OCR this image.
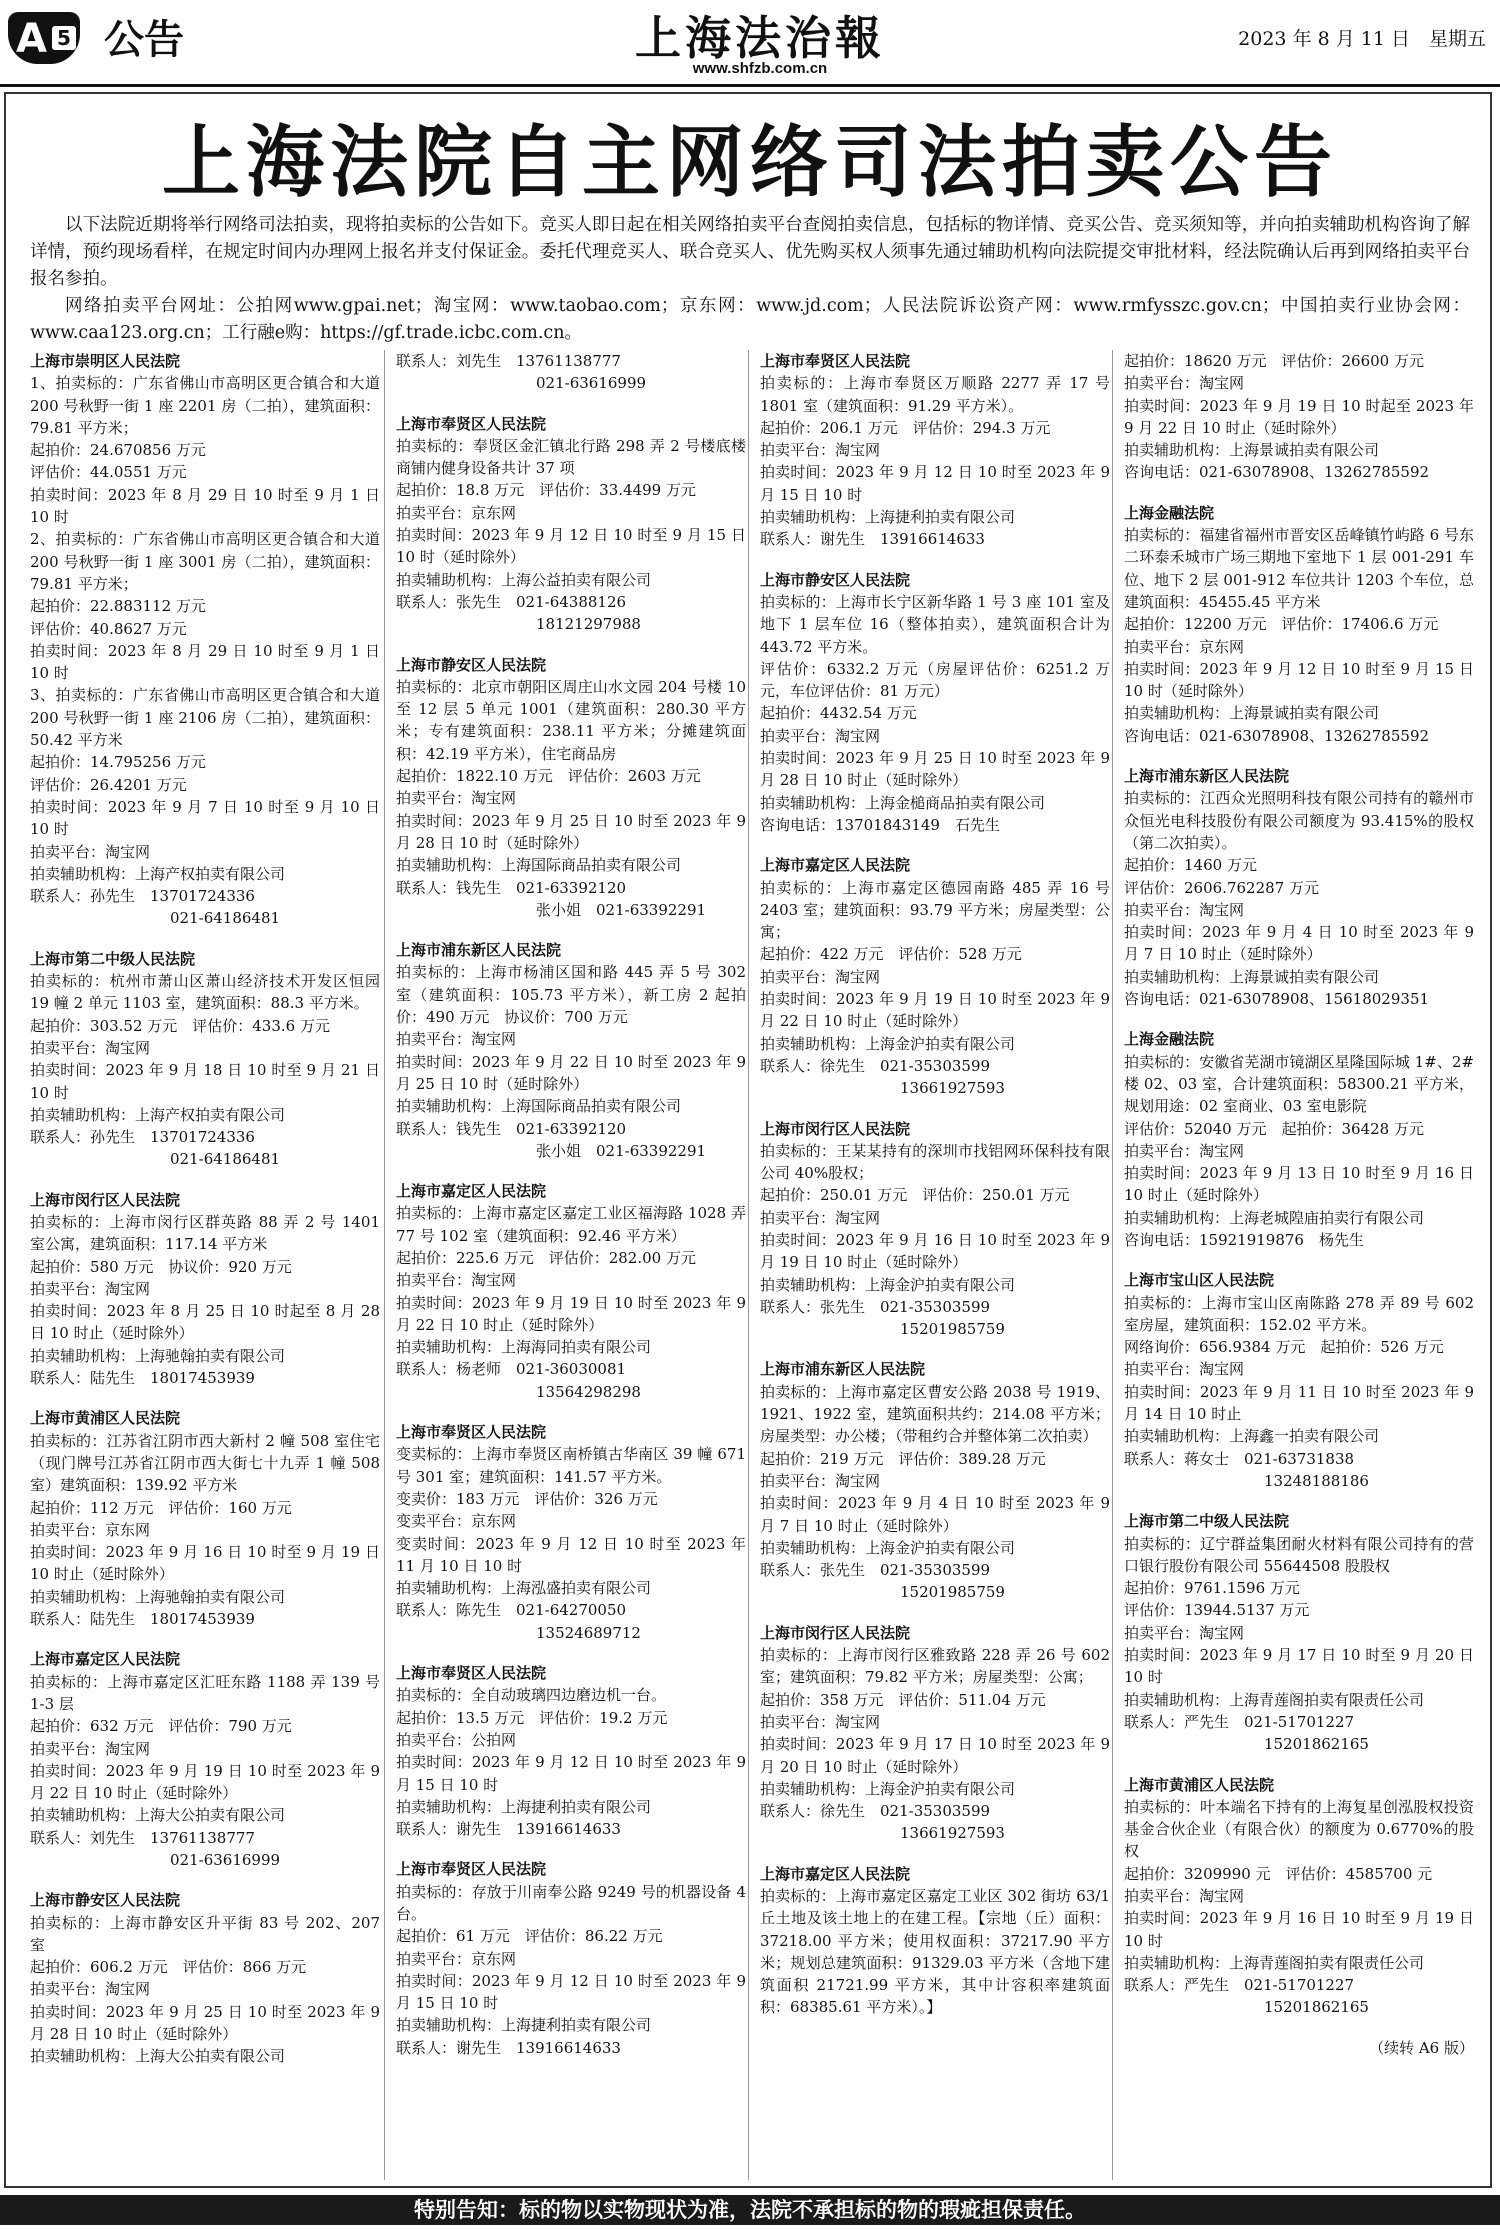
A 5 公告	上海法治報
www.shfzb.com.cn
2023 年 8 月 11 日　星期五
上海法院自主网络司法拍卖公告

以下法院近期将举行网络司法拍卖，现将拍卖标的公告如下。竞买人即日起在相关网络拍卖平台查阅拍卖信息，包括标的物详情、竞买公告、竞买须知等，并向拍卖辅助机构咨询了解详情，预约现场看样，在规定时间内办理网上报名并支付保证金。委托代理竞买人、联合竞买人、优先购买权人须事先通过辅助机构向法院提交审批材料，经法院确认后再到网络拍卖平台报名参拍。

网络拍卖平台网址：公拍网www.gpai.net；淘宝网：www.taobao.com；京东网：www.jd.com；人民法院诉讼资产网：www.rmfysszc.gov.cn；中国拍卖行业协会网：www.caa123.org.cn；工行融e购：https://gf.trade.icbc.com.cn。

上海市崇明区人民法院

1、拍卖标的：广东省佛山市高明区更合镇合和大道 200 号秋野一街 1 座 2201 房（二拍），建筑面积：79.81 平方米；

起拍价：24.670856 万元

评估价：44.0551 万元

拍卖时间：2023 年 8 月 29 日 10 时至 9 月 1 日 10 时

2、拍卖标的：广东省佛山市高明区更合镇合和大道 200 号秋野一街 1 座 3001 房（二拍），建筑面积：79.81 平方米；

起拍价：22.883112 万元

评估价：40.8627 万元

拍卖时间：2023 年 8 月 29 日 10 时至 9 月 1 日 10 时

3、拍卖标的：广东省佛山市高明区更合镇合和大道 200 号秋野一街 1 座 2106 房（二拍），建筑面积：50.42 平方米

起拍价：14.795256 万元

评估价：26.4201 万元

拍卖时间：2023 年 9 月 7 日 10 时至 9 月 10 日 10 时

拍卖平台：淘宝网

拍卖辅助机构：上海产权拍卖有限公司

联系人：孙先生　13701724336

021-64186481

上海市第二中级人民法院

拍卖标的：杭州市萧山区萧山经济技术开发区恒园 19 幢 2 单元 1103 室，建筑面积：88.3 平方米。

起拍价：303.52 万元　评估价：433.6 万元

拍卖平台：淘宝网

拍卖时间：2023 年 9 月 18 日 10 时至 9 月 21 日 10 时

拍卖辅助机构：上海产权拍卖有限公司

联系人：孙先生　13701724336

021-64186481

上海市闵行区人民法院

拍卖标的：上海市闵行区群英路 88 弄 2 号 1401 室公寓，建筑面积：117.14 平方米

起拍价：580 万元　协议价：920 万元

拍卖平台：淘宝网

拍卖时间：2023 年 8 月 25 日 10 时起至 8 月 28 日 10 时止（延时除外）

拍卖辅助机构：上海驰翰拍卖有限公司

联系人：陆先生　18017453939

上海市黄浦区人民法院

拍卖标的：江苏省江阴市西大新村 2 幢 508 室住宅（现门牌号江苏省江阴市西大街七十九弄 1 幢 508 室）建筑面积：139.92 平方米

起拍价：112 万元　评估价：160 万元

拍卖平台：京东网

拍卖时间：2023 年 9 月 16 日 10 时至 9 月 19 日 10 时止（延时除外）

拍卖辅助机构：上海驰翰拍卖有限公司

联系人：陆先生　18017453939

上海市嘉定区人民法院

拍卖标的：上海市嘉定区汇旺东路 1188 弄 139 号 1-3 层

起拍价：632 万元　评估价：790 万元

拍卖平台：淘宝网

拍卖时间：2023 年 9 月 19 日 10 时至 2023 年 9 月 22 日 10 时止（延时除外）

拍卖辅助机构：上海大公拍卖有限公司

联系人：刘先生　13761138777

021-63616999

上海市静安区人民法院

拍卖标的：上海市静安区升平街 83 号 202、207 室

起拍价：606.2 万元　评估价：866 万元

拍卖平台：淘宝网

拍卖时间：2023 年 9 月 25 日 10 时至 2023 年 9 月 28 日 10 时止（延时除外）

拍卖辅助机构：上海大公拍卖有限公司

联系人：刘先生　13761138777

021-63616999

上海市奉贤区人民法院

拍卖标的：奉贤区金汇镇北行路 298 弄 2 号楼底楼商铺内健身设备共计 37 项

起拍价：18.8 万元　评估价：33.4499 万元

拍卖平台：京东网

拍卖时间：2023 年 9 月 12 日 10 时至 9 月 15 日 10 时（延时除外）

拍卖辅助机构：上海公益拍卖有限公司

联系人：张先生　021-64388126

18121297988

上海市静安区人民法院

拍卖标的：北京市朝阳区周庄山水文园 204 号楼 10 至 12 层 5 单元 1001（建筑面积：280.30 平方米；专有建筑面积：238.11 平方米；分摊建筑面积：42.19 平方米），住宅商品房

起拍价：1822.10 万元　评估价：2603 万元

拍卖平台：淘宝网

拍卖时间：2023 年 9 月 25 日 10 时至 2023 年 9 月 28 日 10 时（延时除外）

拍卖辅助机构：上海国际商品拍卖有限公司

联系人：钱先生　021-63392120

张小姐　021-63392291

上海市浦东新区人民法院

拍卖标的：上海市杨浦区国和路 445 弄 5 号 302 室（建筑面积：105.73 平方米），新工房 2 起拍价：490 万元　协议价：700 万元

拍卖平台：淘宝网

拍卖时间：2023 年 9 月 22 日 10 时至 2023 年 9 月 25 日 10 时（延时除外）

拍卖辅助机构：上海国际商品拍卖有限公司

联系人：钱先生　021-63392120

张小姐　021-63392291

上海市嘉定区人民法院

拍卖标的：上海市嘉定区嘉定工业区福海路 1028 弄 77 号 102 室（建筑面积：92.46 平方米）

起拍价：225.6 万元　评估价：282.00 万元

拍卖平台：淘宝网

拍卖时间：2023 年 9 月 19 日 10 时至 2023 年 9 月 22 日 10 时止（延时除外）

拍卖辅助机构：上海海同拍卖有限公司

联系人：杨老师　021-36030081

13564298298

上海市奉贤区人民法院

变卖标的：上海市奉贤区南桥镇古华南区 39 幢 671 号 301 室；建筑面积：141.57 平方米。

变卖价：183 万元　评估价：326 万元

变卖平台：京东网

变卖时间：2023 年 9 月 12 日 10 时至 2023 年 11 月 10 日 10 时

拍卖辅助机构：上海泓盛拍卖有限公司

联系人：陈先生　021-64270050

13524689712

上海市奉贤区人民法院

拍卖标的：全自动玻璃四边磨边机一台。

起拍价：13.5 万元　评估价：19.2 万元

拍卖平台：公拍网

拍卖时间：2023 年 9 月 12 日 10 时至 2023 年 9 月 15 日 10 时

拍卖辅助机构：上海捷利拍卖有限公司

联系人：谢先生　13916614633

上海市奉贤区人民法院

拍卖标的：存放于川南奉公路 9249 号的机器设备 4 台。

起拍价：61 万元　评估价：86.22 万元

拍卖平台：京东网

拍卖时间：2023 年 9 月 12 日 10 时至 2023 年 9 月 15 日 10 时

拍卖辅助机构：上海捷利拍卖有限公司

联系人：谢先生　13916614633

上海市奉贤区人民法院

拍卖标的：上海市奉贤区万顺路 2277 弄 17 号 1801 室（建筑面积：91.29 平方米）。

起拍价：206.1 万元　评估价：294.3 万元

拍卖平台：淘宝网

拍卖时间：2023 年 9 月 12 日 10 时至 2023 年 9 月 15 日 10 时

拍卖辅助机构：上海捷利拍卖有限公司

联系人：谢先生　13916614633

上海市静安区人民法院

拍卖标的：上海市长宁区新华路 1 号 3 座 101 室及地下 1 层车位 16（整体拍卖），建筑面积合计为 443.72 平方米。

评估价：6332.2 万元（房屋评估价：6251.2 万元，车位评估价：81 万元）

起拍价：4432.54 万元

拍卖平台：淘宝网

拍卖时间：2023 年 9 月 25 日 10 时至 2023 年 9 月 28 日 10 时止（延时除外）

拍卖辅助机构：上海金槌商品拍卖有限公司

咨询电话：13701843149　石先生

上海市嘉定区人民法院

拍卖标的：上海市嘉定区德园南路 485 弄 16 号 2403 室；建筑面积：93.79 平方米；房屋类型：公寓；

起拍价：422 万元　评估价：528 万元

拍卖平台：淘宝网

拍卖时间：2023 年 9 月 19 日 10 时至 2023 年 9 月 22 日 10 时止（延时除外）

拍卖辅助机构：上海金沪拍卖有限公司

联系人：徐先生　021-35303599

13661927593

上海市闵行区人民法院

拍卖标的：王某某持有的深圳市找铝网环保科技有限公司 40%股权；

起拍价：250.01 万元　评估价：250.01 万元

拍卖平台：淘宝网

拍卖时间：2023 年 9 月 16 日 10 时至 2023 年 9 月 19 日 10 时止（延时除外）

拍卖辅助机构：上海金沪拍卖有限公司

联系人：张先生　021-35303599

15201985759

上海市浦东新区人民法院

拍卖标的：上海市嘉定区曹安公路 2038 号 1919、1921、1922 室，建筑面积共约：214.08 平方米；房屋类型：办公楼；（带租约合并整体第二次拍卖）

起拍价：219 万元　评估价：389.28 万元

拍卖平台：淘宝网

拍卖时间：2023 年 9 月 4 日 10 时至 2023 年 9 月 7 日 10 时止（延时除外）

拍卖辅助机构：上海金沪拍卖有限公司

联系人：张先生　021-35303599

15201985759

上海市闵行区人民法院

拍卖标的：上海市闵行区雅致路 228 弄 26 号 602 室；建筑面积：79.82 平方米；房屋类型：公寓；

起拍价：358 万元　评估价：511.04 万元

拍卖平台：淘宝网

拍卖时间：2023 年 9 月 17 日 10 时至 2023 年 9 月 20 日 10 时止（延时除外）

拍卖辅助机构：上海金沪拍卖有限公司

联系人：徐先生　021-35303599

13661927593

上海市嘉定区人民法院

拍卖标的：上海市嘉定区嘉定工业区 302 街坊 63/1 丘土地及该土地上的在建工程。【宗地（丘）面积：37218.00 平方米；使用权面积：37217.90 平方米；规划总建筑面积：91329.03 平方米（含地下建筑面积 21721.99 平方米，其中计容积率建筑面积：68385.61 平方米）。】

起拍价：18620 万元　评估价：26600 万元

拍卖平台：淘宝网

拍卖时间：2023 年 9 月 19 日 10 时起至 2023 年 9 月 22 日 10 时止（延时除外）

拍卖辅助机构：上海景诚拍卖有限公司

咨询电话：021-63078908、13262785592

上海金融法院

拍卖标的：福建省福州市晋安区岳峰镇竹屿路 6 号东二环泰禾城市广场三期地下室地下 1 层 001-291 车位、地下 2 层 001-912 车位共计 1203 个车位，总建筑面积：45455.45 平方米

起拍价：12200 万元　评估价：17406.6 万元

拍卖平台：京东网

拍卖时间：2023 年 9 月 12 日 10 时至 9 月 15 日 10 时（延时除外）

拍卖辅助机构：上海景诚拍卖有限公司

咨询电话：021-63078908、13262785592

上海市浦东新区人民法院

拍卖标的：江西众光照明科技有限公司持有的赣州市众恒光电科技股份有限公司额度为 93.415%的股权（第二次拍卖）。

起拍价：1460 万元

评估价：2606.762287 万元

拍卖平台：淘宝网

拍卖时间：2023 年 9 月 4 日 10 时至 2023 年 9 月 7 日 10 时止（延时除外）

拍卖辅助机构：上海景诚拍卖有限公司

咨询电话：021-63078908、15618029351

上海金融法院

拍卖标的：安徽省芜湖市镜湖区星隆国际城 1#、2# 楼 02、03 室，合计建筑面积：58300.21 平方米，规划用途：02 室商业、03 室电影院

评估价：52040 万元　起拍价：36428 万元

拍卖平台：淘宝网

拍卖时间：2023 年 9 月 13 日 10 时至 9 月 16 日 10 时止（延时除外）

拍卖辅助机构：上海老城隍庙拍卖行有限公司

咨询电话：15921919876　杨先生

上海市宝山区人民法院

拍卖标的：上海市宝山区南陈路 278 弄 89 号 602 室房屋，建筑面积：152.02 平方米。

网络询价：656.9384 万元　起拍价：526 万元

拍卖平台：淘宝网

拍卖时间：2023 年 9 月 11 日 10 时至 2023 年 9 月 14 日 10 时止

拍卖辅助机构：上海鑫一拍卖有限公司

联系人：蒋女士　021-63731838

13248188186

上海市第二中级人民法院

拍卖标的：辽宁群益集团耐火材料有限公司持有的营口银行股份有限公司 55644508 股股权

起拍价：9761.1596 万元

评估价：13944.5137 万元

拍卖平台：淘宝网

拍卖时间：2023 年 9 月 17 日 10 时至 9 月 20 日 10 时

拍卖辅助机构：上海青莲阁拍卖有限责任公司

联系人：严先生　021-51701227

15201862165

上海市黄浦区人民法院

拍卖标的：叶本端名下持有的上海复星创泓股权投资基金合伙企业（有限合伙）的额度为 0.6770%的股权

起拍价：3209990 元　评估价：4585700 元

拍卖平台：淘宝网

拍卖时间：2023 年 9 月 16 日 10 时至 9 月 19 日 10 时

拍卖辅助机构：上海青莲阁拍卖有限责任公司

联系人：严先生　021-51701227

15201862165

（续转 A6 版）

特别告知：标的物以实物现状为准，法院不承担标的物的瑕疵担保责任。
